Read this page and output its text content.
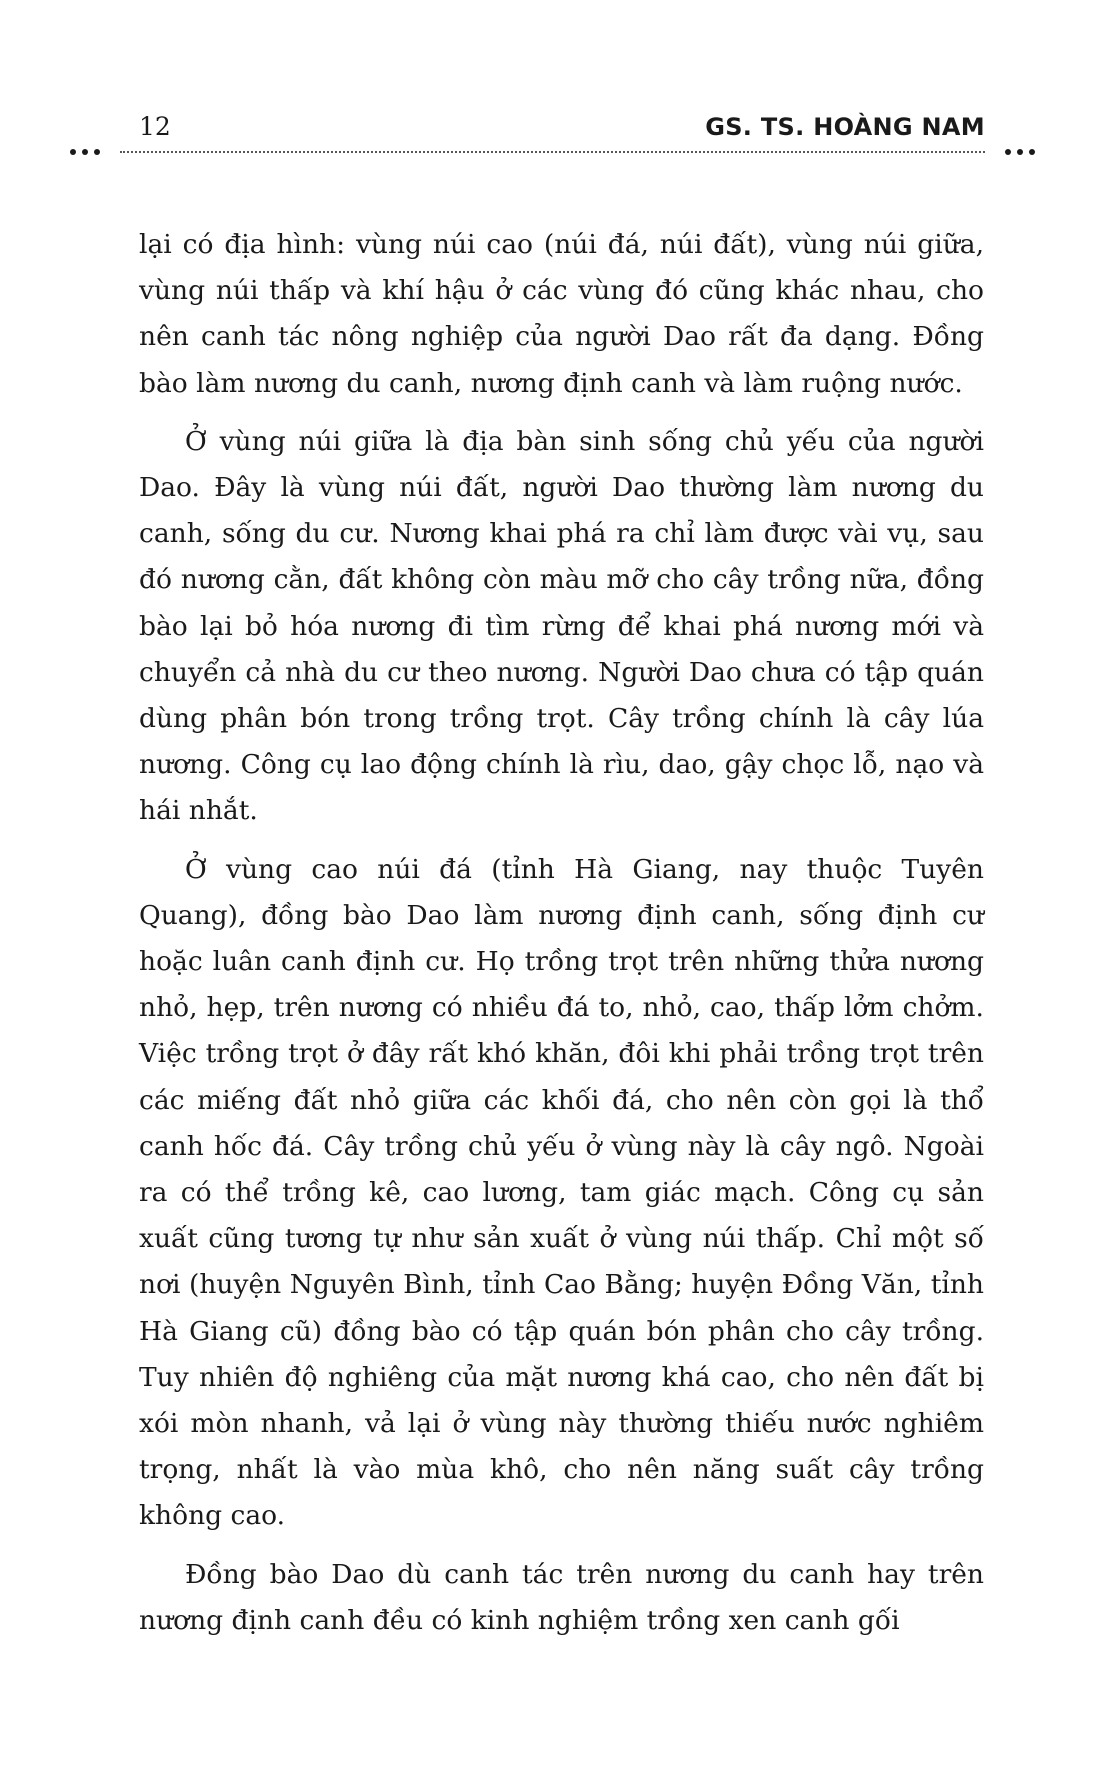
12	GS. TS. HOÀNG NAM

lại có địa hình: vùng núi cao (núi đá, núi đất), vùng núi giữa, vùng núi thấp và khí hậu ở các vùng đó cũng khác nhau, cho nên canh tác nông nghiệp của người Dao rất đa dạng. Đồng bào làm nương du canh, nương định canh và làm ruộng nước.

Ở vùng núi giữa là địa bàn sinh sống chủ yếu của người Dao. Đây là vùng núi đất, người Dao thường làm nương du canh, sống du cư. Nương khai phá ra chỉ làm được vài vụ, sau đó nương cằn, đất không còn màu mỡ cho cây trồng nữa, đồng bào lại bỏ hóa nương đi tìm rừng để khai phá nương mới và chuyển cả nhà du cư theo nương. Người Dao chưa có tập quán dùng phân bón trong trồng trọt. Cây trồng chính là cây lúa nương. Công cụ lao động chính là rìu, dao, gậy chọc lỗ, nạo và hái nhắt.

Ở vùng cao núi đá (tỉnh Hà Giang, nay thuộc Tuyên Quang), đồng bào Dao làm nương định canh, sống định cư hoặc luân canh định cư. Họ trồng trọt trên những thửa nương nhỏ, hẹp, trên nương có nhiều đá to, nhỏ, cao, thấp lởm chởm. Việc trồng trọt ở đây rất khó khăn, đôi khi phải trồng trọt trên các miếng đất nhỏ giữa các khối đá, cho nên còn gọi là thổ canh hốc đá. Cây trồng chủ yếu ở vùng này là cây ngô. Ngoài ra có thể trồng kê, cao lương, tam giác mạch. Công cụ sản xuất cũng tương tự như sản xuất ở vùng núi thấp. Chỉ một số nơi (huyện Nguyên Bình, tỉnh Cao Bằng; huyện Đồng Văn, tỉnh Hà Giang cũ) đồng bào có tập quán bón phân cho cây trồng. Tuy nhiên độ nghiêng của mặt nương khá cao, cho nên đất bị xói mòn nhanh, vả lại ở vùng này thường thiếu nước nghiêm trọng, nhất là vào mùa khô, cho nên năng suất cây trồng không cao.

Đồng bào Dao dù canh tác trên nương du canh hay trên nương định canh đều có kinh nghiệm trồng xen canh gối
